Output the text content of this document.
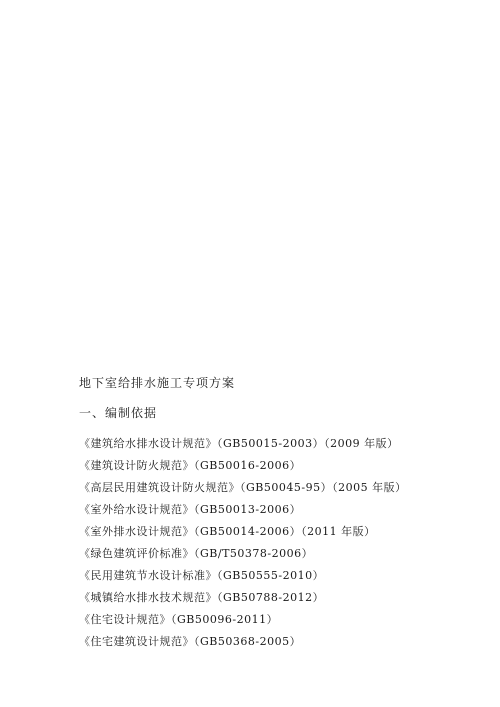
地下室给排水施工专项方案
一、编制依据
《建筑给水排水设计规范》（GB50015-2003）（2009 年版）
《建筑设计防火规范》（GB50016-2006）
《高层民用建筑设计防火规范》（GB50045-95）（2005 年版）
《室外给水设计规范》（GB50013-2006）
《室外排水设计规范》（GB50014-2006）（2011 年版）
《绿色建筑评价标准》（GB/T50378-2006）
《民用建筑节水设计标准》（GB50555-2010）
《城镇给水排水技术规范》（GB50788-2012）
《住宅设计规范》（GB50096-2011）
《住宅建筑设计规范》（GB50368-2005）
